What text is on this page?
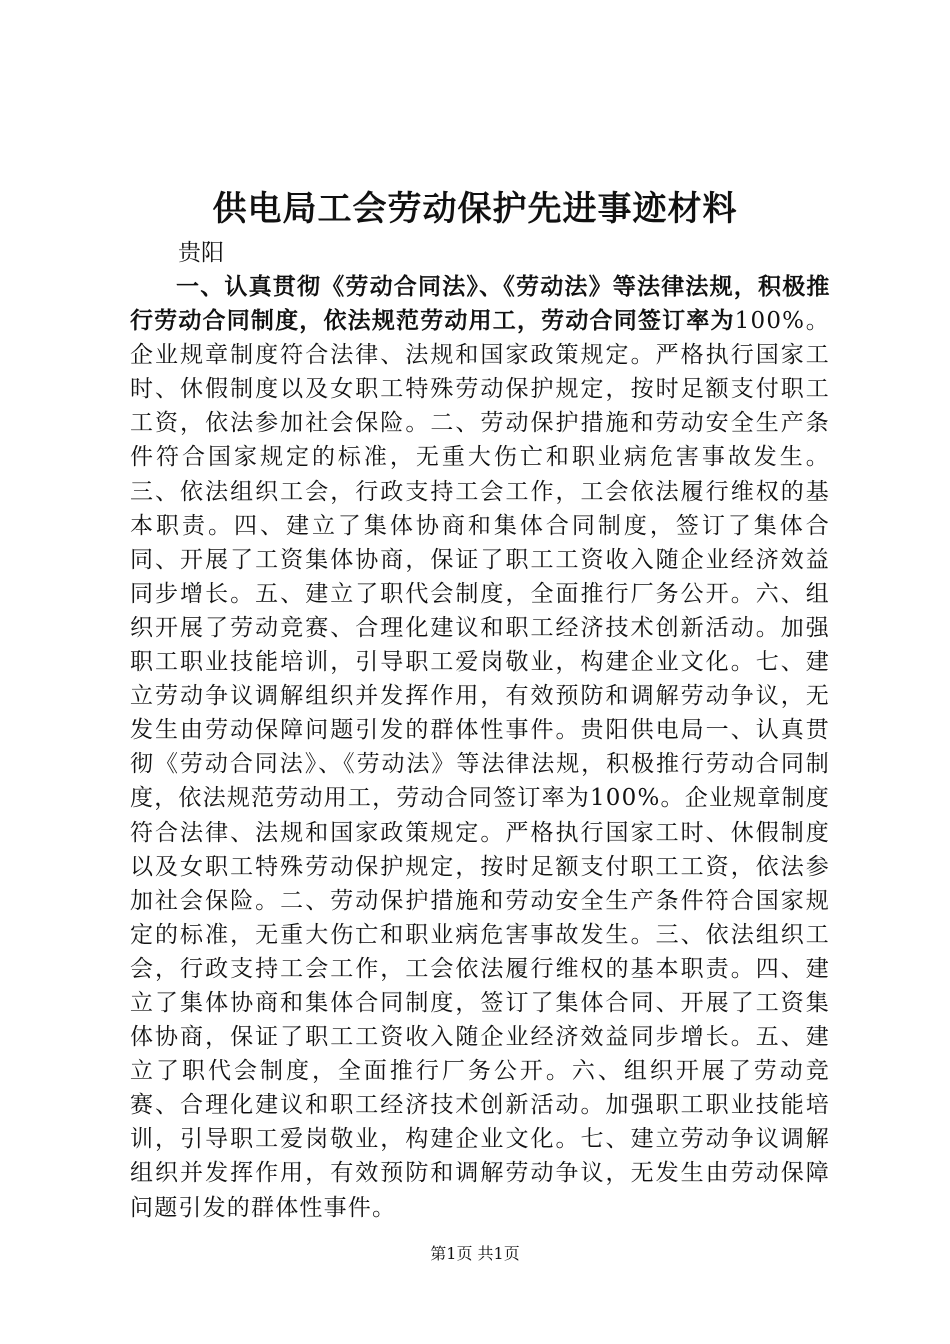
供电局工会劳动保护先进事迹材料

贵阳

一、认真贯彻《劳动合同法》、《劳动法》等法律法规，积极推行劳动合同制度，依法规范劳动用工，劳动合同签订率为100%。企业规章制度符合法律、法规和国家政策规定。严格执行国家工时、休假制度以及女职工特殊劳动保护规定，按时足额支付职工工资，依法参加社会保险。二、劳动保护措施和劳动安全生产条件符合国家规定的标准，无重大伤亡和职业病危害事故发生。三、依法组织工会，行政支持工会工作，工会依法履行维权的基本职责。四、建立了集体协商和集体合同制度，签订了集体合同、开展了工资集体协商，保证了职工工资收入随企业经济效益同步增长。五、建立了职代会制度，全面推行厂务公开。六、组织开展了劳动竞赛、合理化建议和职工经济技术创新活动。加强职工职业技能培训，引导职工爱岗敬业，构建企业文化。七、建立劳动争议调解组织并发挥作用，有效预防和调解劳动争议，无发生由劳动保障问题引发的群体性事件。贵阳供电局一、认真贯彻《劳动合同法》、《劳动法》等法律法规，积极推行劳动合同制度，依法规范劳动用工，劳动合同签订率为100%。企业规章制度符合法律、法规和国家政策规定。严格执行国家工时、休假制度以及女职工特殊劳动保护规定，按时足额支付职工工资，依法参加社会保险。二、劳动保护措施和劳动安全生产条件符合国家规定的标准，无重大伤亡和职业病危害事故发生。三、依法组织工会，行政支持工会工作，工会依法履行维权的基本职责。四、建立了集体协商和集体合同制度，签订了集体合同、开展了工资集体协商，保证了职工工资收入随企业经济效益同步增长。五、建立了职代会制度，全面推行厂务公开。六、组织开展了劳动竞赛、合理化建议和职工经济技术创新活动。加强职工职业技能培训，引导职工爱岗敬业，构建企业文化。七、建立劳动争议调解组织并发挥作用，有效预防和调解劳动争议，无发生由劳动保障问题引发的群体性事件。

第1页 共1页
